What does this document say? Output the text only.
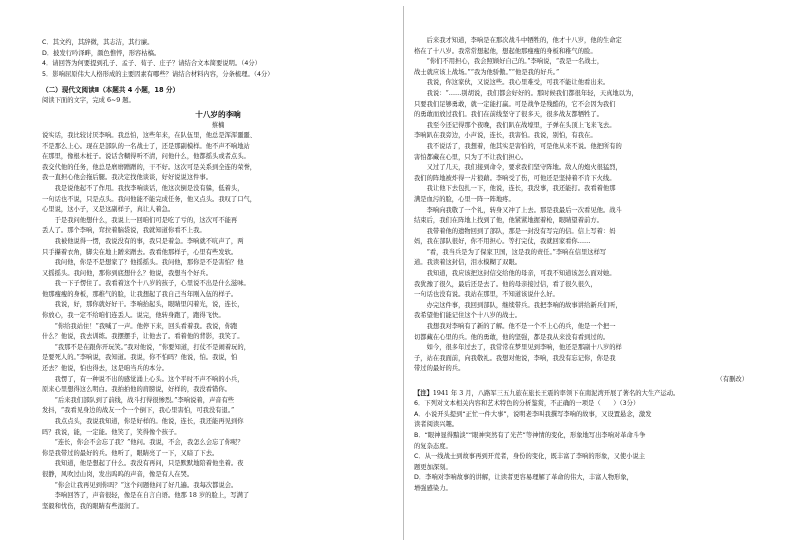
C．其文约，其辞微，其志洁，其行廉。
D．披发行吟泽畔，颜色憔悴，形容枯槁。
4．请回答为何要提到孔子、孟子、荀子、庄子？请结合文本简要说明。（4分）
5．影响屈原伟大人格形成的主要因素有哪些？请结合材料内容，分条梳理。（4分）
（二）现代文阅读Ⅱ（本题共 4 小题，18 分）
阅读下面的文字，完成 6~9 题。
十八岁的李响
蔡楠
说实话，我比较讨厌李响。我总怕，这些年来，在队伍里，他总是浑浑噩噩、
不是那么上心。现在是部队的一名战士了，还是那副模样。他不声不响地站
在那里，像根木桩子。说话含糊得听不清，问他什么，他都摇头或者点头。
我交代他的任务，他总是磨磨蹭蹭的，干不好。这次可是关系到全连的荣誉，
我一直担心他会拖后腿。我决定找他谈谈，好好说说这件事。
　　我是说他起不了作用。我找李响谈话，他这次倒是没有躲，低着头，
一句话也不说，只是点头。我问他能不能完成任务，他又点头。我叹了口气，
心里说，这小子，又是这副样子，真让人着急。
　　于是我问他想什么，我说上一回咱们可是吃了亏的，这次可不能再
丢人了。那个李响，耷拉着脑袋说，我就知道你看不上我。
　　我被他说得一愣，我说没有的事，我只是着急。李响就不吭声了，两
只手攥着衣角，脚尖在地上蹭来蹭去。我看他那样子，心里有些发软。
　　我问他，你是不是想家了？他摇摇头。我问他，那你是不是害怕？他
又摇摇头。我问他，那你到底想什么？他说，我想当个好兵。
　　我一下子愣住了。我看着这个十八岁的孩子，心里说不出是什么滋味。
他那瘦瘦的身板，那稚气的脸，让我想起了我自己当年刚入伍的样子。
　　我说，好，那你就好好干。李响抬起头，眼睛里闪着光，说，连长，
你放心，我一定不给咱们连丢人。说完，他转身跑了，跑得飞快。
　　“你给我站住！”我喊了一声。他停下来，回头看着我。我说，你跑
什么？他说，我去训练。我摆摆手，让他去了。看着他的背影，我笑了。
　　“我那不是在跟你开玩笑。”我对他说，“你要知道，打仗不是闹着玩的，
是要死人的。”李响说，我知道。我说，你不怕吗？他说，怕。我说，怕
还去？他说，怕也得去，这是咱当兵的本分。
　　我愣了，有一种说不出的感觉涌上心头。这个平时不声不响的小兵，
原来心里想得这么明白。我拍拍他的肩膀说，好样的，我没看错你。
　　“后来我们部队到了前线，战斗打得很惨烈。”李响说着，声音有些
发抖，“我看见身边的战友一个一个倒下，我心里害怕，可我没有退。”
　　我点点头，我说我知道，你是好样的。他说，连长，我还能再见到你
吗？我说，能，一定能。他笑了，笑得像个孩子。
　　“连长，你会不会忘了我？”他问。我说，不会，我怎么会忘了你呢？
你是我带过的最好的兵。他听了，眼睛亮了一下，又暗了下去。
　　我知道，他是想起了什么。我没有再问，只是默默地陪着他坐着。夜
很静，风吹过山岗，发出呜呜的声音，像是有人在哭。
　　“你会让我再见到你吗？”这个问题他问了好几遍。我每次都说会。
　　李响回答了，声音很轻，像是在自言自语。他那 18 岁的脸上，写满了
坚毅和忧伤，我的眼睛有些湿润了。
　　后来我才知道，李响是在那次战斗中牺牲的，他才十八岁，他的生命定
格在了十八岁。我常常想起他，想起他那瘦瘦的身板和稚气的脸。
　　“你们不用担心，我会照顾好自己的。”李响说，“我是一名战士，
战士就应该上战场。”“我为他骄傲。”“他是我的好兵。”
　　我说，你这家伙，又说这些。我心里难受，可我不能让他看出来。
　　我说：“……别胡说，我们都会好好的。那时候我们都很年轻，天真地以为，
只要我们足够勇敢，就一定能打赢。可是战争是残酷的，它不会因为我们
的勇敢而放过我们。我们在前线坚守了很多天，很多战友都牺牲了。
　　我至今还记得那个夜晚，我们趴在战壕里，子弹在头顶上飞来飞去。
李响趴在我旁边，小声说，连长，我害怕。我说，别怕，有我在。
　　我不说话了，我想着，他其实是害怕的，可是他从来不说。他把所有的
害怕都藏在心里，只为了不让我们担心。
　　又过了几天，我们接到命令，要求我们坚守阵地。敌人的炮火很猛烈，
我们的阵地被炸得一片狼藉。李响受了伤，可他还是坚持着不肯下火线。
　　我让他下去包扎一下，他说，连长，我没事，我还能打。我看着他那
满是血污的脸，心里一阵一阵地疼。
　　李响向我敬了一个礼，转身又冲了上去。那是我最后一次看见他。战斗
结束后，我们在阵地上找到了他，他紧紧地握着枪，眼睛望着前方。
　　我带着他的遗物回到了部队，那是一封没有写完的信。信上写着：妈
妈，我在部队很好，你不用担心。等打完仗，我就回家看你……
　　“看，我当兵是为了保家卫国，这是我的责任。”李响在信里这样写
道。我读着这封信，泪水模糊了双眼。
　　我知道，我应该把这封信交给他的母亲，可我不知道该怎么面对她。
我犹豫了很久，最后还是去了。他的母亲接过信，看了很久很久，
一句话也没有说。我站在那里，不知道该说什么好。
　　办完这件事，我回到部队，继续带兵。我把李响的故事讲给新兵们听，
我希望他们能记住这个十八岁的战士。
　　我想我对李响有了新的了解。他不是一个不上心的兵，他是一个把一
切都藏在心里的兵。他的勇敢，他的坚强，都是我从来没有看到过的。
　　如今，很多年过去了，我常常在梦里见到李响，他还是那副十八岁的样
子，站在我面前，向我敬礼。我想对他说，李响，我没有忘记你，你是我
带过的最好的兵。
（有删改）
【注】1941 年 3 月，八路军三五九旅在旅长王震的率领下在南泥湾开展了著名的大生产运动。
6．下列对文本相关内容和艺术特色的分析鉴赏，不正确的一项是（　　）（3分）
A．小说开头提到“正忙一件大事”，说明老李叫我撰写李响的故事，又设置悬念，激发
读者阅读兴趣。
B．“眼神显得黯淡”“眼神突然有了光芒”等神情的变化，形象地写出李响对革命斗争
的复杂态度。
C．从一线战士到故事再到开荒者，身份的变化，既丰富了李响的形象，又使小说主
题更加深刻。
D．李响对李响故事的讲解，让读者更容易理解了革命的伟大，丰富人物形象，
增强感染力。
